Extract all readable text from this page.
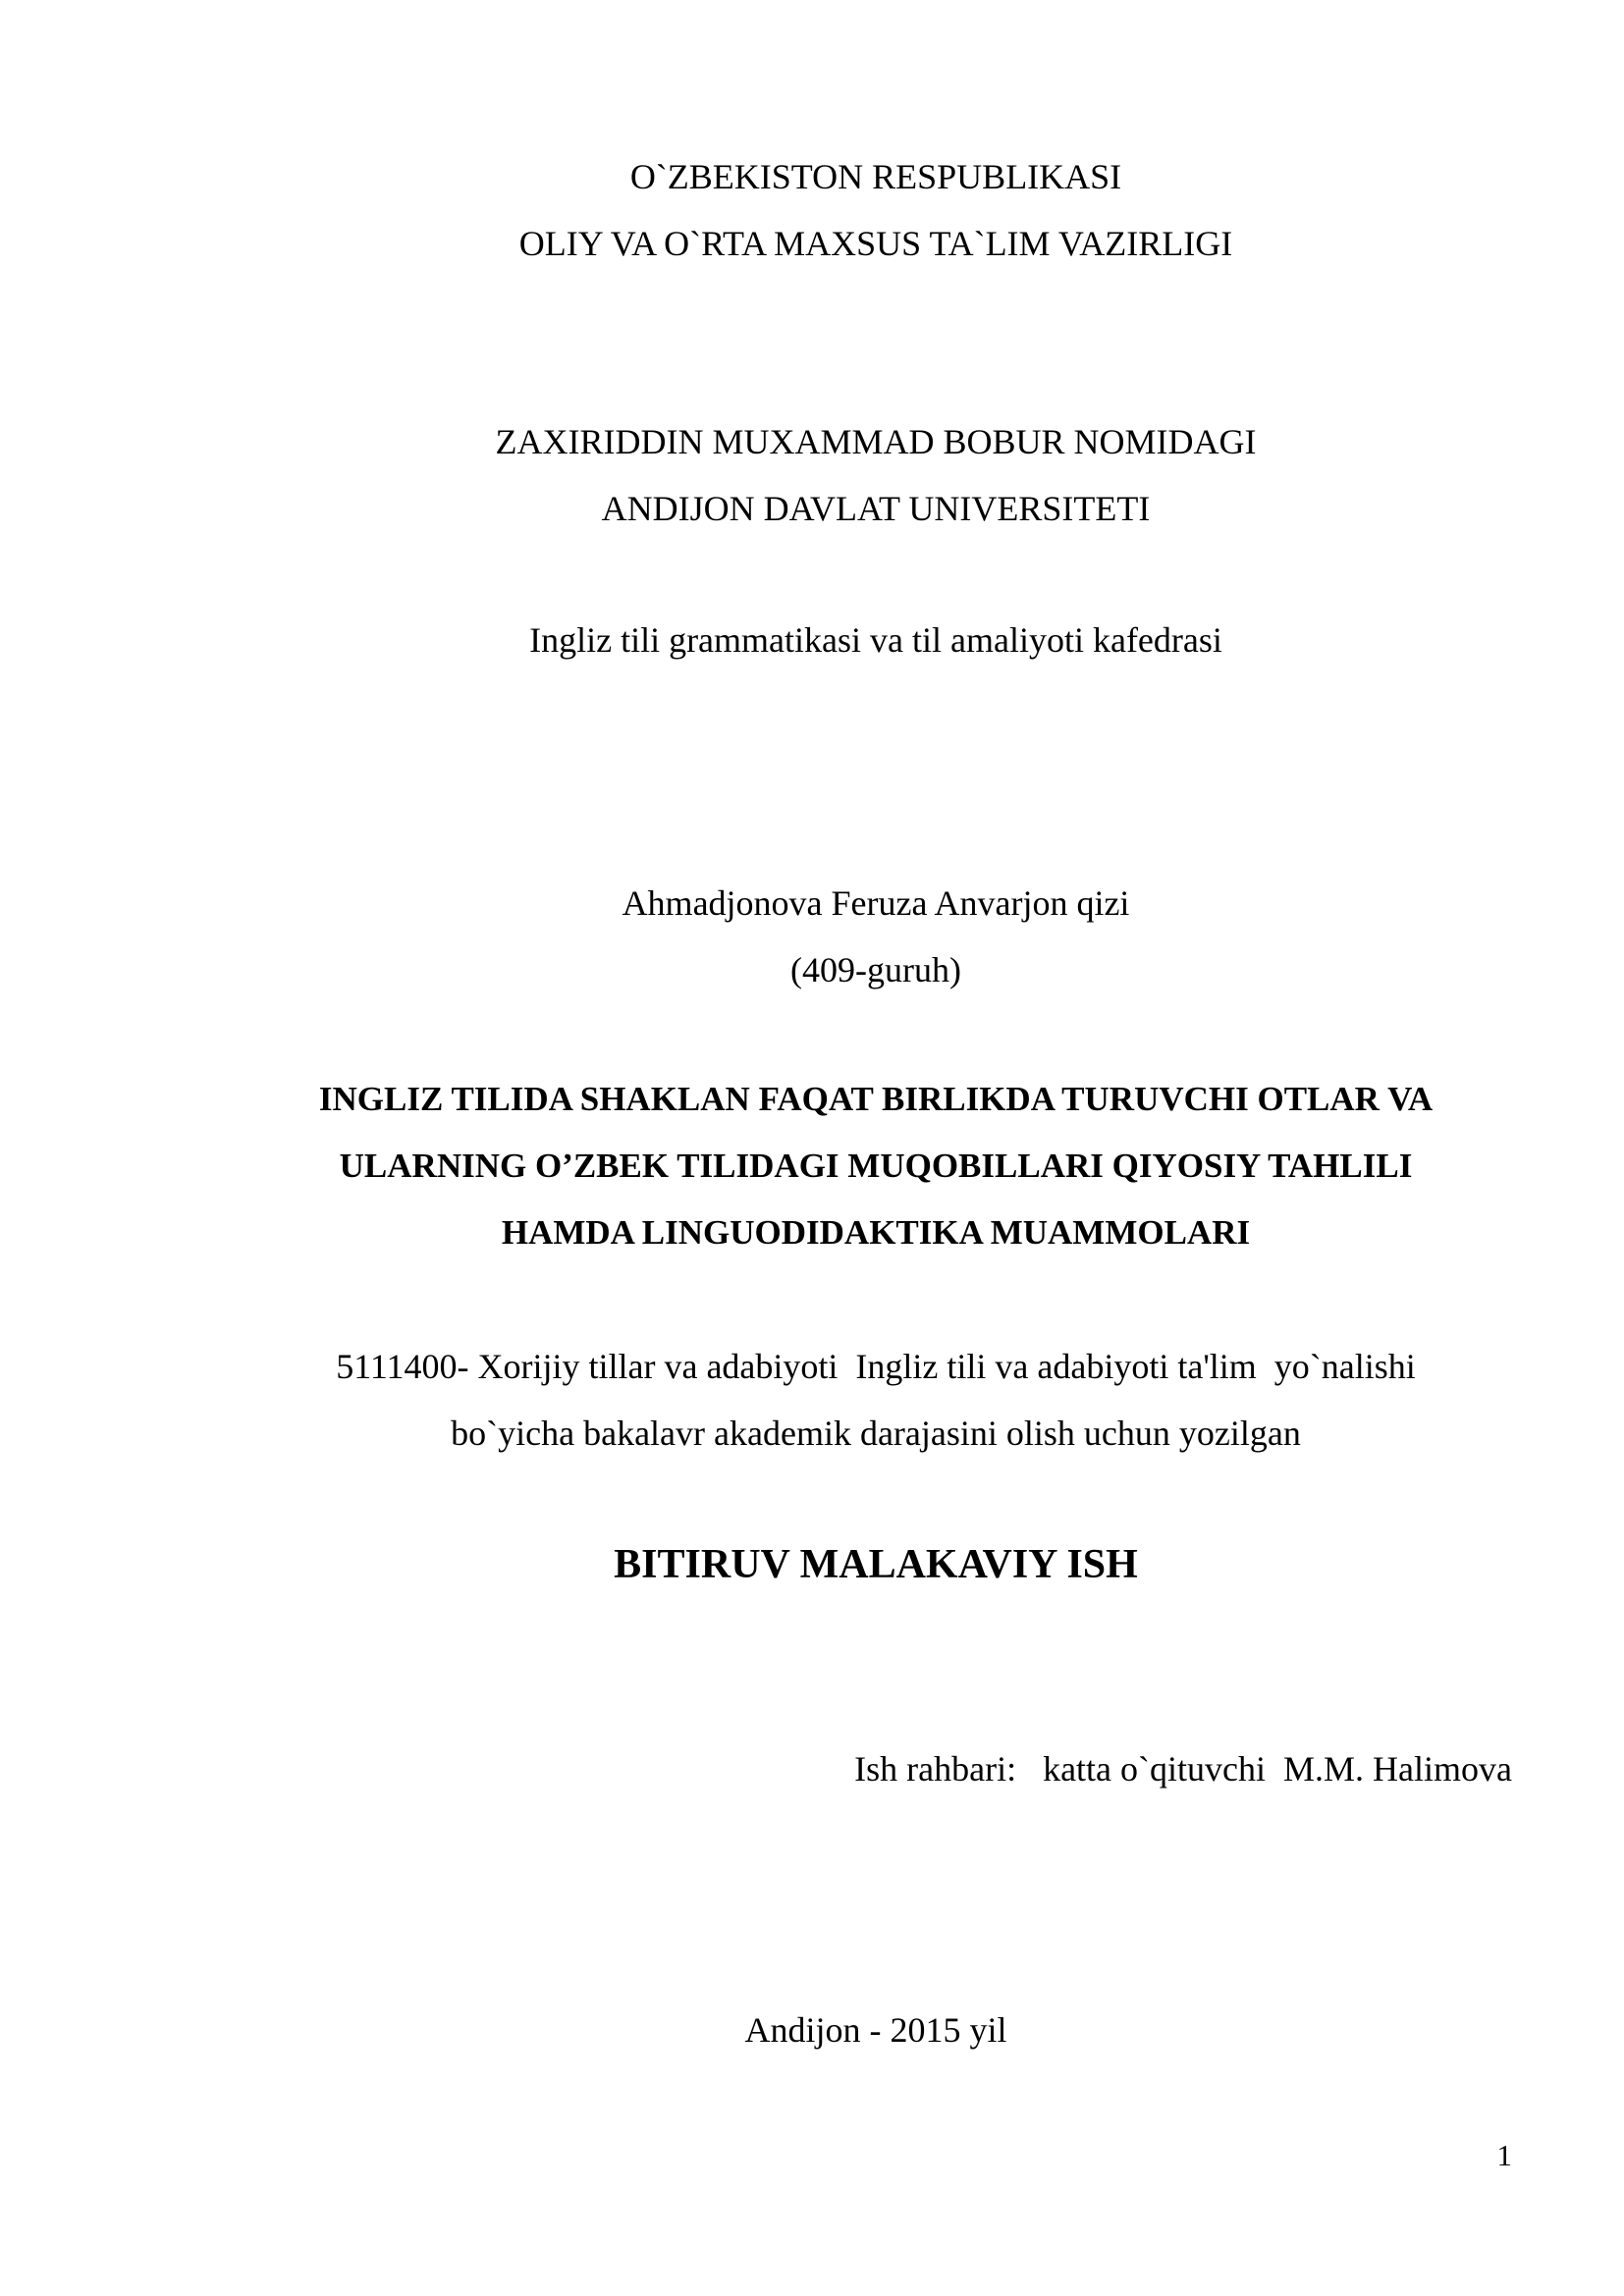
O`ZBEKISTON RESPUBLIKASI

OLIY VA O`RTA MAXSUS TA`LIM VAZIRLIGI

ZAXIRIDDIN MUXAMMAD BOBUR NOMIDAGI

ANDIJON DAVLAT UNIVERSITETI

Ingliz tili grammatikasi va til amaliyoti kafedrasi

Ahmadjonova Feruza Anvarjon qizi

(409-guruh)

INGLIZ TILIDA SHAKLAN FAQAT BIRLIKDA TURUVCHI OTLAR VA

ULARNING O’ZBEK TILIDAGI MUQOBILLARI QIYOSIY TAHLILI

HAMDA LINGUODIDAKTIKA MUAMMOLARI

5111400- Xorijiy tillar va adabiyoti  Ingliz tili va adabiyoti ta'lim  yo`nalishi

bo`yicha bakalavr akademik darajasini olish uchun yozilgan

BITIRUV MALAKAVIY ISH

Ish rahbari:   katta o`qituvchi  M.M. Halimova

Andijon - 2015 yil

1
